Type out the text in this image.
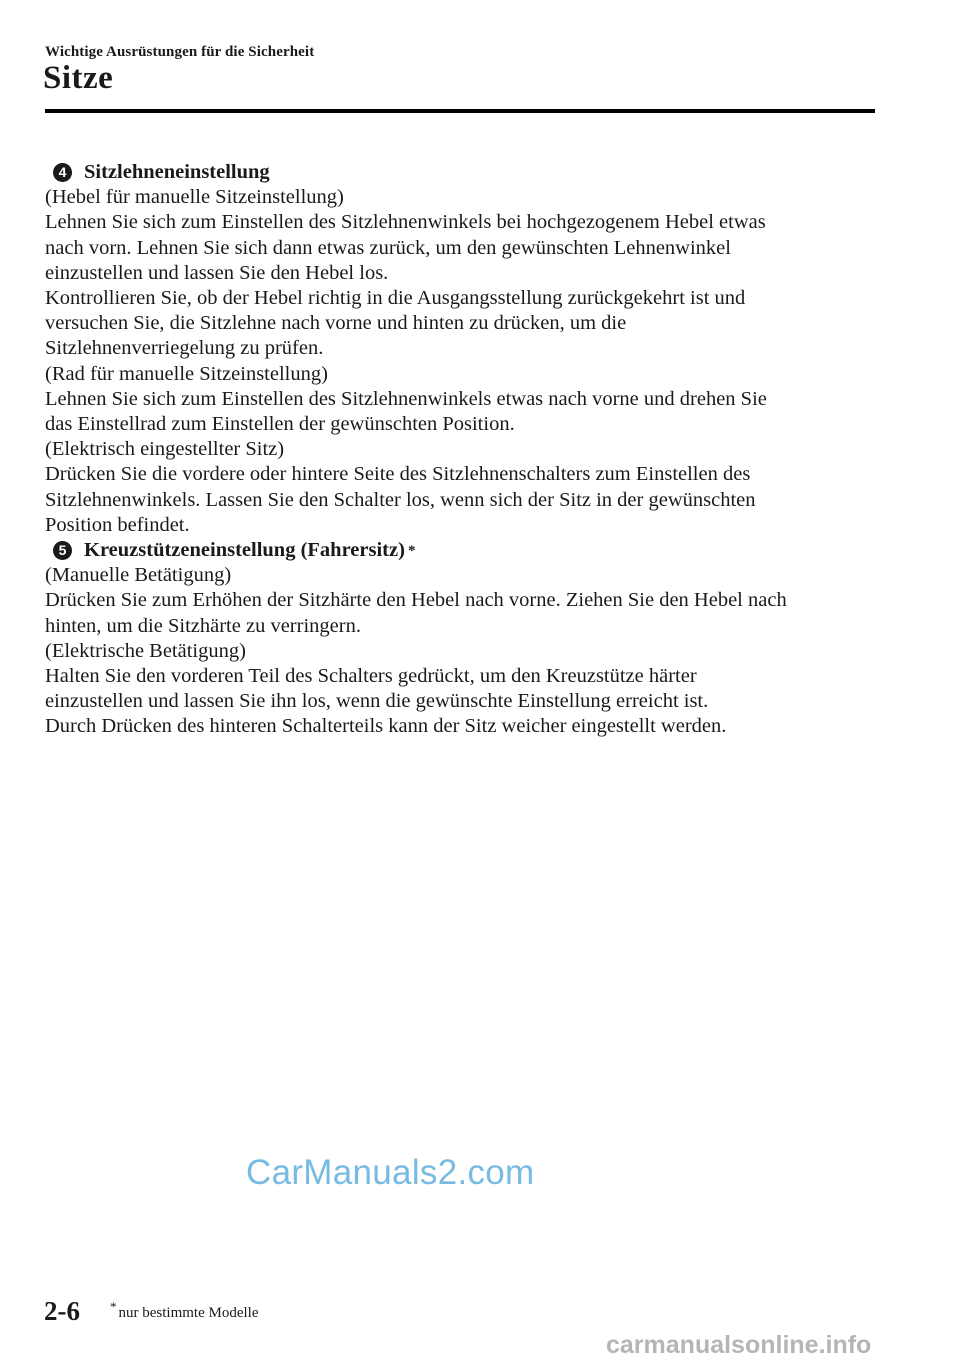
Wichtige Ausrüstungen für die Sicherheit
Sitze

4 Sitzlehneneinstellung

(Hebel für manuelle Sitzeinstellung)

Lehnen Sie sich zum Einstellen des Sitzlehnenwinkels bei hochgezogenem Hebel etwas

nach vorn. Lehnen Sie sich dann etwas zurück, um den gewünschten Lehnenwinkel

einzustellen und lassen Sie den Hebel los.

Kontrollieren Sie, ob der Hebel richtig in die Ausgangsstellung zurückgekehrt ist und

versuchen Sie, die Sitzlehne nach vorne und hinten zu drücken, um die

Sitzlehnenverriegelung zu prüfen.

(Rad für manuelle Sitzeinstellung)

Lehnen Sie sich zum Einstellen des Sitzlehnenwinkels etwas nach vorne und drehen Sie

das Einstellrad zum Einstellen der gewünschten Position.

(Elektrisch eingestellter Sitz)

Drücken Sie die vordere oder hintere Seite des Sitzlehnenschalters zum Einstellen des

Sitzlehnenwinkels. Lassen Sie den Schalter los, wenn sich der Sitz in der gewünschten

Position befindet.

5 Kreuzstützeneinstellung (Fahrersitz) *

(Manuelle Betätigung)

Drücken Sie zum Erhöhen der Sitzhärte den Hebel nach vorne. Ziehen Sie den Hebel nach

hinten, um die Sitzhärte zu verringern.

(Elektrische Betätigung)

Halten Sie den vorderen Teil des Schalters gedrückt, um den Kreuzstütze härter

einzustellen und lassen Sie ihn los, wenn die gewünschte Einstellung erreicht ist.

Durch Drücken des hinteren Schalterteils kann der Sitz weicher eingestellt werden.

CarManuals2.com
2-6 * nur bestimmte Modelle
carmanualsonline.info
